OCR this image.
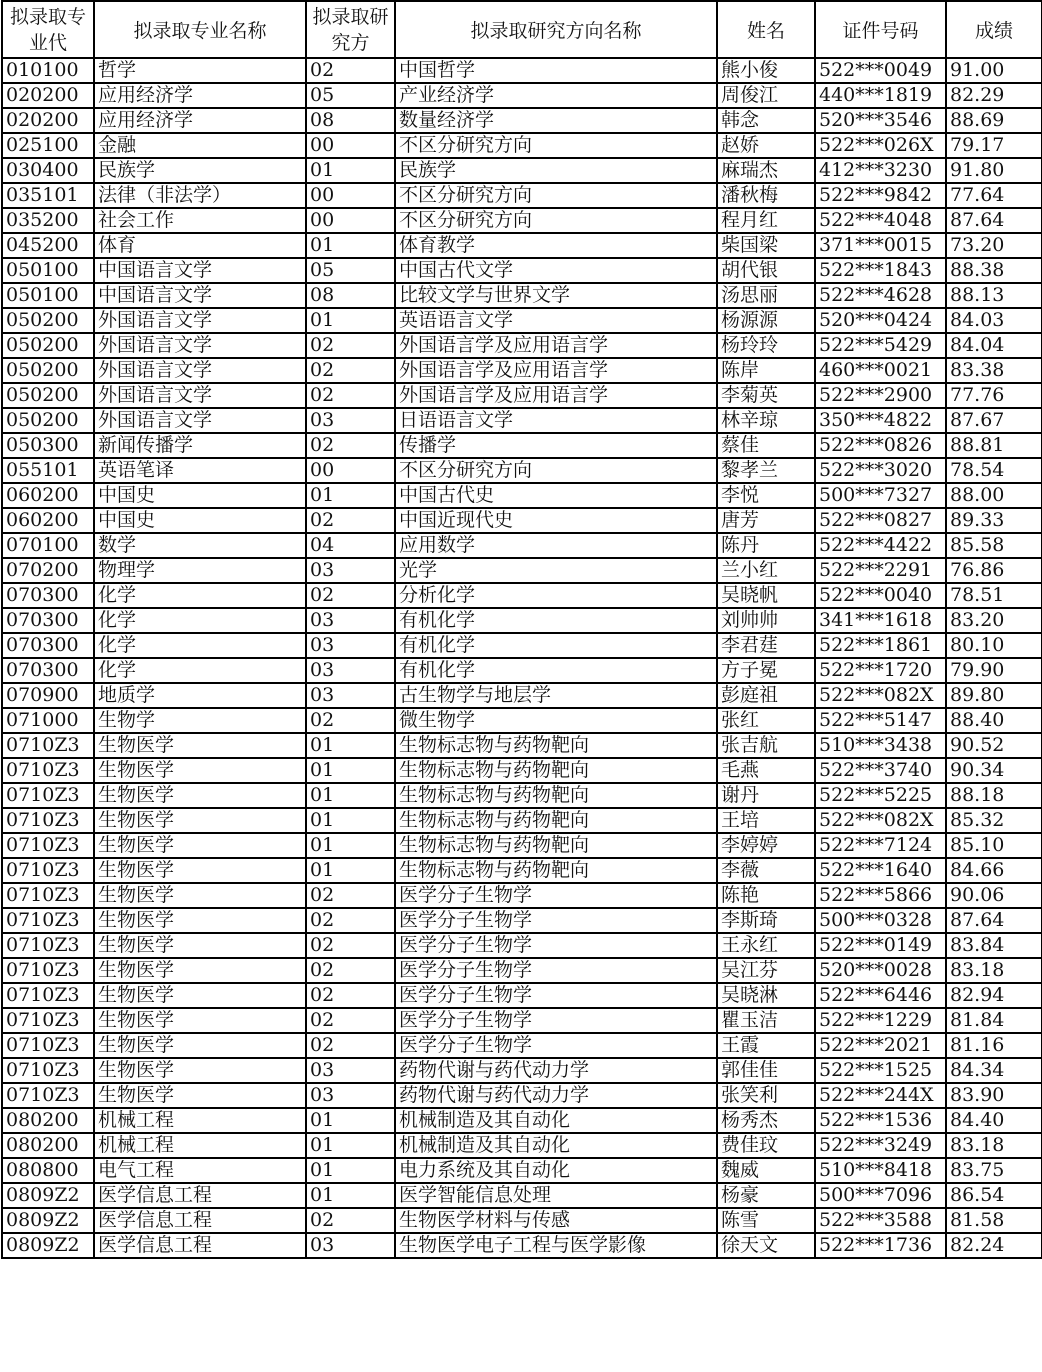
拟录取专业代	拟录取专业名称	拟录取研究方	拟录取研究方向名称	姓名	证件号码	成绩
010100	哲学	02	中国哲学	熊小俊	522***0049	91.00
020200	应用经济学	05	产业经济学	周俊江	440***1819	82.29
020200	应用经济学	08	数量经济学	韩念	520***3546	88.69
025100	金融	00	不区分研究方向	赵娇	522***026X	79.17
030400	民族学	01	民族学	麻瑞杰	412***3230	91.80
035101	法律（非法学）	00	不区分研究方向	潘秋梅	522***9842	77.64
035200	社会工作	00	不区分研究方向	程月红	522***4048	87.64
045200	体育	01	体育教学	柴国梁	371***0015	73.20
050100	中国语言文学	05	中国古代文学	胡代银	522***1843	88.38
050100	中国语言文学	08	比较文学与世界文学	汤思丽	522***4628	88.13
050200	外国语言文学	01	英语语言文学	杨源源	520***0424	84.03
050200	外国语言文学	02	外国语言学及应用语言学	杨玲玲	522***5429	84.04
050200	外国语言文学	02	外国语言学及应用语言学	陈岸	460***0021	83.38
050200	外国语言文学	02	外国语言学及应用语言学	李菊英	522***2900	77.76
050200	外国语言文学	03	日语语言文学	林辛琼	350***4822	87.67
050300	新闻传播学	02	传播学	蔡佳	522***0826	88.81
055101	英语笔译	00	不区分研究方向	黎孝兰	522***3020	78.54
060200	中国史	01	中国古代史	李悦	500***7327	88.00
060200	中国史	02	中国近现代史	唐芳	522***0827	89.33
070100	数学	04	应用数学	陈丹	522***4422	85.58
070200	物理学	03	光学	兰小红	522***2291	76.86
070300	化学	02	分析化学	吴晓帆	522***0040	78.51
070300	化学	03	有机化学	刘帅帅	341***1618	83.20
070300	化学	03	有机化学	李君莛	522***1861	80.10
070300	化学	03	有机化学	方子冕	522***1720	79.90
070900	地质学	03	古生物学与地层学	彭庭祖	522***082X	89.80
071000	生物学	02	微生物学	张红	522***5147	88.40
0710Z3	生物医学	01	生物标志物与药物靶向	张吉航	510***3438	90.52
0710Z3	生物医学	01	生物标志物与药物靶向	毛燕	522***3740	90.34
0710Z3	生物医学	01	生物标志物与药物靶向	谢丹	522***5225	88.18
0710Z3	生物医学	01	生物标志物与药物靶向	王培	522***082X	85.32
0710Z3	生物医学	01	生物标志物与药物靶向	李婷婷	522***7124	85.10
0710Z3	生物医学	01	生物标志物与药物靶向	李薇	522***1640	84.66
0710Z3	生物医学	02	医学分子生物学	陈艳	522***5866	90.06
0710Z3	生物医学	02	医学分子生物学	李斯琦	500***0328	87.64
0710Z3	生物医学	02	医学分子生物学	王永红	522***0149	83.84
0710Z3	生物医学	02	医学分子生物学	吴江芬	520***0028	83.18
0710Z3	生物医学	02	医学分子生物学	吴晓淋	522***6446	82.94
0710Z3	生物医学	02	医学分子生物学	瞿玉洁	522***1229	81.84
0710Z3	生物医学	02	医学分子生物学	王霞	522***2021	81.16
0710Z3	生物医学	03	药物代谢与药代动力学	郭佳佳	522***1525	84.34
0710Z3	生物医学	03	药物代谢与药代动力学	张笑利	522***244X	83.90
080200	机械工程	01	机械制造及其自动化	杨秀杰	522***1536	84.40
080200	机械工程	01	机械制造及其自动化	费佳玟	522***3249	83.18
080800	电气工程	01	电力系统及其自动化	魏威	510***8418	83.75
0809Z2	医学信息工程	01	医学智能信息处理	杨豪	500***7096	86.54
0809Z2	医学信息工程	02	生物医学材料与传感	陈雪	522***3588	81.58
0809Z2	医学信息工程	03	生物医学电子工程与医学影像	徐天文	522***1736	82.24
